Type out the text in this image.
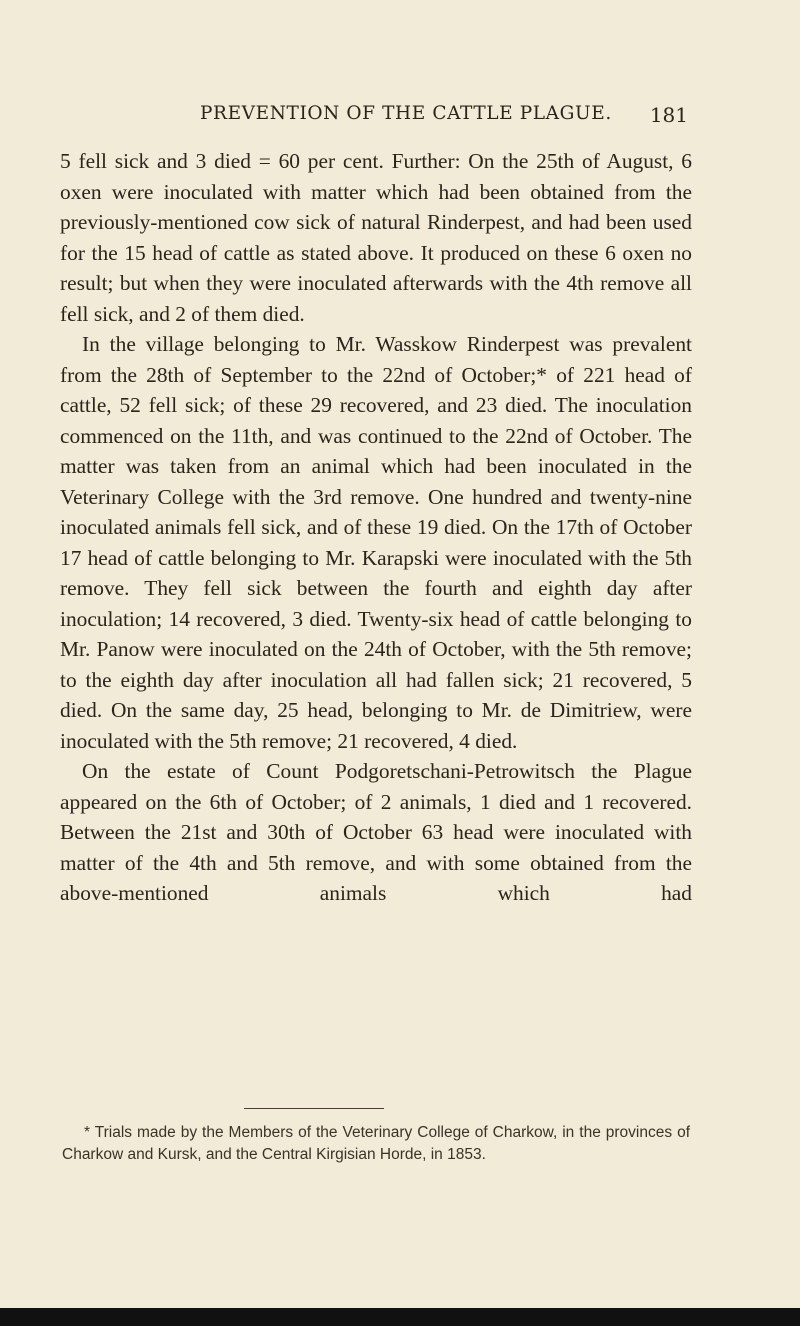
PREVENTION OF THE CATTLE PLAGUE. 181

5 fell sick and 3 died = 60 per cent. Further: On the 25th of August, 6 oxen were inoculated with matter which had been obtained from the previously-mentioned cow sick of natural Rinderpest, and had been used for the 15 head of cattle as stated above. It produced on these 6 oxen no result; but when they were inoculated afterwards with the 4th remove all fell sick, and 2 of them died.

In the village belonging to Mr. Wasskow Rinderpest was prevalent from the 28th of September to the 22nd of October;* of 221 head of cattle, 52 fell sick; of these 29 recovered, and 23 died. The inoculation commenced on the 11th, and was continued to the 22nd of October. The matter was taken from an animal which had been inoculated in the Veterinary College with the 3rd remove. One hundred and twenty-nine inoculated animals fell sick, and of these 19 died. On the 17th of October 17 head of cattle belonging to Mr. Karapski were inoculated with the 5th remove. They fell sick between the fourth and eighth day after inoculation; 14 recovered, 3 died. Twenty-six head of cattle belonging to Mr. Panow were inoculated on the 24th of October, with the 5th remove; to the eighth day after inoculation all had fallen sick; 21 recovered, 5 died. On the same day, 25 head, belonging to Mr. de Dimitriew, were inoculated with the 5th remove; 21 recovered, 4 died.

On the estate of Count Podgoretschani-Petrowitsch the Plague appeared on the 6th of October; of 2 animals, 1 died and 1 recovered. Between the 21st and 30th of October 63 head were inoculated with matter of the 4th and 5th remove, and with some obtained from the above-mentioned animals which had

* Trials made by the Members of the Veterinary College of Charkow, in the provinces of Charkow and Kursk, and the Central Kirgisian Horde, in 1853.
